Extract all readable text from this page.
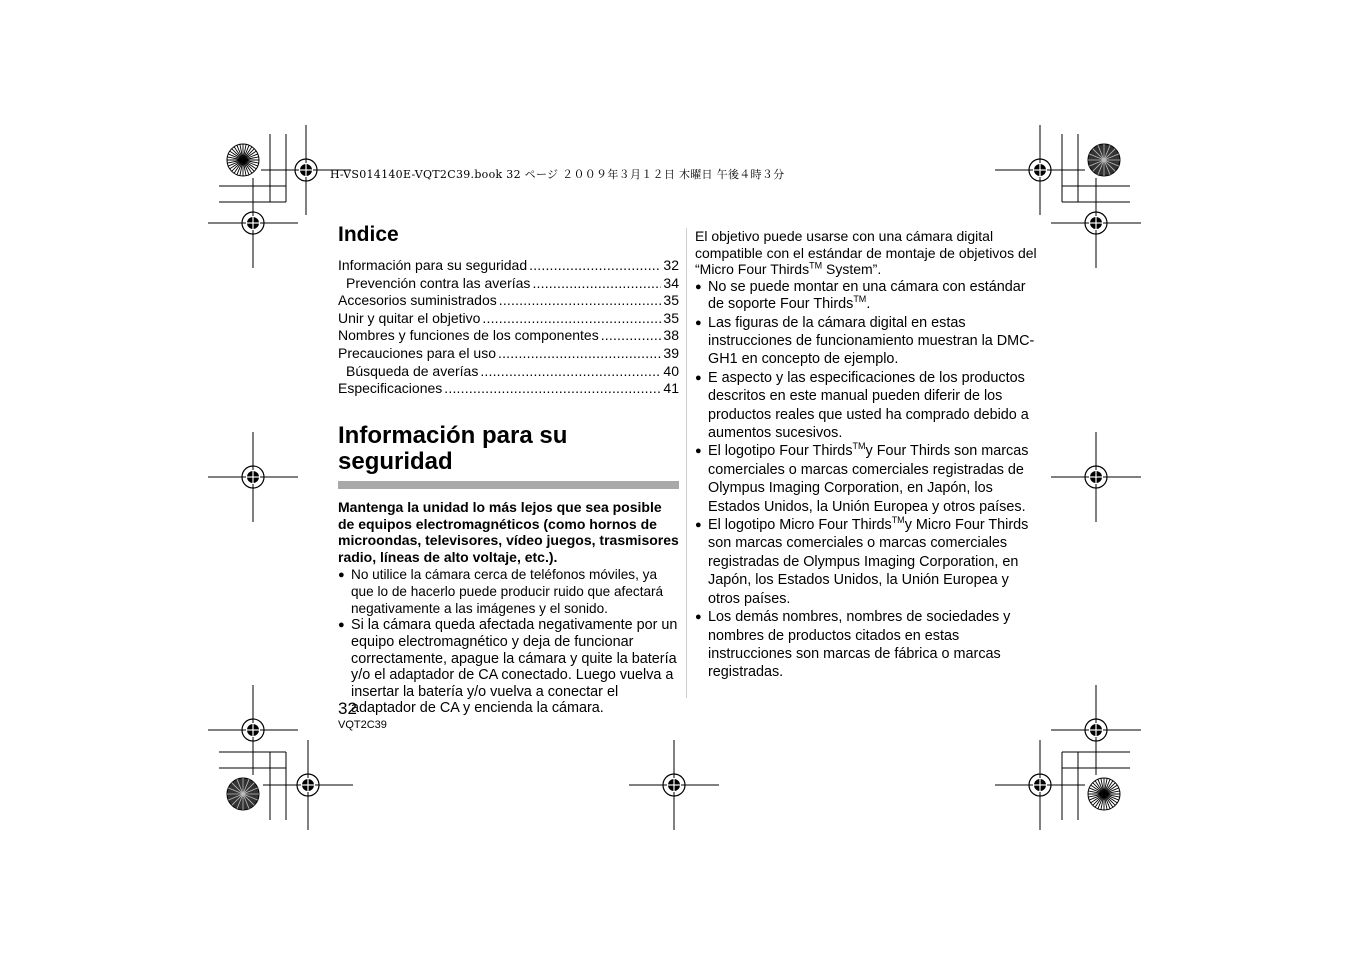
H-VS014140E-VQT2C39.book 32 ページ ２００９年３月１２日 木曜日 午後４時３分
Indice
Información para su seguridad .....	32
Prevención contra las averías .....	34
Accesorios suministrados .....	35
Unir y quitar el objetivo .....	35
Nombres y funciones de los componentes .....	38
Precauciones para el uso .....	39
Búsqueda de averías .....	40
Especificaciones .....	41
Información para su
seguridad

Mantenga la unidad lo más lejos que sea posible de equipos electromagnéticos (como hornos de microondas, televisores, vídeo juegos, trasmisores radio, líneas de alto voltaje, etc.).

● No utilice la cámara cerca de teléfonos móviles, ya que lo de hacerlo puede producir ruido que afectará negativamente a las imágenes y el sonido.
● Si la cámara queda afectada negativamente por un equipo electromagnético y deja de funcionar correctamente, apague la cámara y quite la batería y/o el adaptador de CA conectado. Luego vuelva a insertar la batería y/o vuelva a conectar el adaptador de CA y encienda la cámara.

El objetivo puede usarse con una cámara digital compatible con el estándar de montaje de objetivos del “Micro Four Thirds™ System”.

● No se puede montar en una cámara con estándar de soporte Four Thirds™.
● Las figuras de la cámara digital en estas instrucciones de funcionamiento muestran la DMC-GH1 en concepto de ejemplo.
● E aspecto y las especificaciones de los productos descritos en este manual pueden diferir de los productos reales que usted ha comprado debido a aumentos sucesivos.
● El logotipo Four Thirds™y Four Thirds son marcas comerciales o marcas comerciales registradas de Olympus Imaging Corporation, en Japón, los Estados Unidos, la Unión Europea y otros países.
● El logotipo Micro Four Thirds™y Micro Four Thirds son marcas comerciales o marcas comerciales registradas de Olympus Imaging Corporation, en Japón, los Estados Unidos, la Unión Europea y otros países.
● Los demás nombres, nombres de sociedades y nombres de productos citados en estas instrucciones son marcas de fábrica o marcas registradas.
32
VQT2C39
